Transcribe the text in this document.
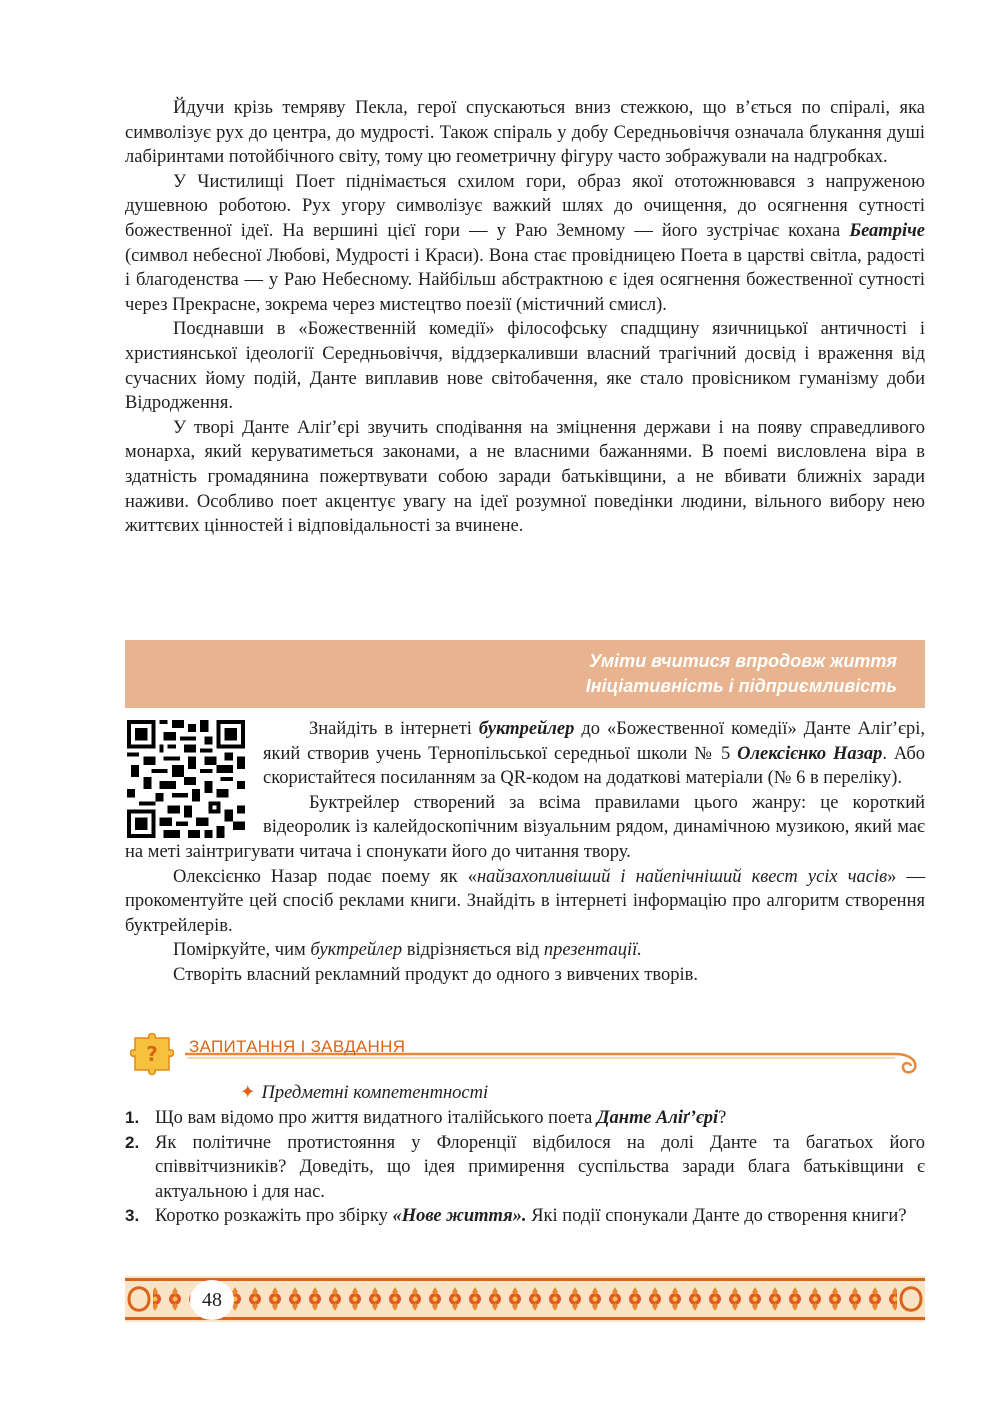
Йдучи крізь темряву Пекла, герої спускаються вниз стежкою, що в’ється по спіралі, яка символізує рух до центра, до мудрості. Також спіраль у добу Середньовіччя означала блукання душі лабіринтами потойбічного світу, тому цю геометричну фігуру часто зображували на надгробках.

У Чистилищі Поет піднімається схилом гори, образ якої ототожнювався з напруженою душевною роботою. Рух угору символізує важкий шлях до очищення, до осягнення сутності божественної ідеї. На вершині цієї гори — у Раю Земному — його зустрічає кохана Беатріче (символ небесної Любові, Мудрості і Краси). Вона стає провідницею Поета в царстві світла, радості і благоденства — у Раю Небесному. Найбільш абстрактною є ідея осягнення божественної сутності через Прекрасне, зокрема через мистецтво поезії (містичний смисл).

Поєднавши в «Божественній комедії» філософську спадщину язичницької античності і християнської ідеології Середньовіччя, віддзеркаливши власний трагічний досвід і враження від сучасних йому подій, Данте виплавив нове світобачення, яке стало провісником гуманізму доби Відродження.

У творі Данте Аліґ’єрі звучить сподівання на зміцнення держави і на появу справедливого монарха, який керуватиметься законами, а не власними бажаннями. В поемі висловлена віра в здатність громадянина пожертвувати собою заради батьківщини, а не вбивати ближніх заради наживи. Особливо поет акцентує увагу на ідеї розумної поведінки людини, вільного вибору нею життєвих цінностей і відповідальності за вчинене.

Уміти вчитися впродовж життя
Ініціативність і підприємливість

Знайдіть в інтернеті буктрейлер до «Божественної комедії» Данте Аліґ’єрі, який створив учень Тернопільської середньої школи № 5 Олексієнко Назар. Або скористайтеся посиланням за QR-кодом на додаткові матеріали (№ 6 в переліку).

Буктрейлер створений за всіма правилами цього жанру: це короткий відеоролик із калейдоскопічним візуальним рядом, динамічною музикою, який має на меті заінтригувати читача і спонукати його до читання твору.

Олексієнко Назар подає поему як «найзахопливіший і найепічніший квест усіх часів» — прокоментуйте цей спосіб реклами книги. Знайдіть в інтернеті інформацію про алгоритм створення буктрейлерів.

Поміркуйте, чим буктрейлер відрізняється від презентації.

Створіть власний рекламний продукт до одного з вивчених творів.

? ЗАПИТАННЯ І ЗАВДАННЯ
✦ Предметні компетентності
1. Що вам відомо про життя видатного італійського поета Данте Аліґ’єрі?
2. Як політичне протистояння у Флоренції відбилося на долі Данте та багатьох його співвітчизників? Доведіть, що ідея примирення суспільства заради блага батьківщини є актуальною і для нас.
3. Коротко розкажіть про збірку «Нове життя». Які події спонукали Данте до створення книги?
48
